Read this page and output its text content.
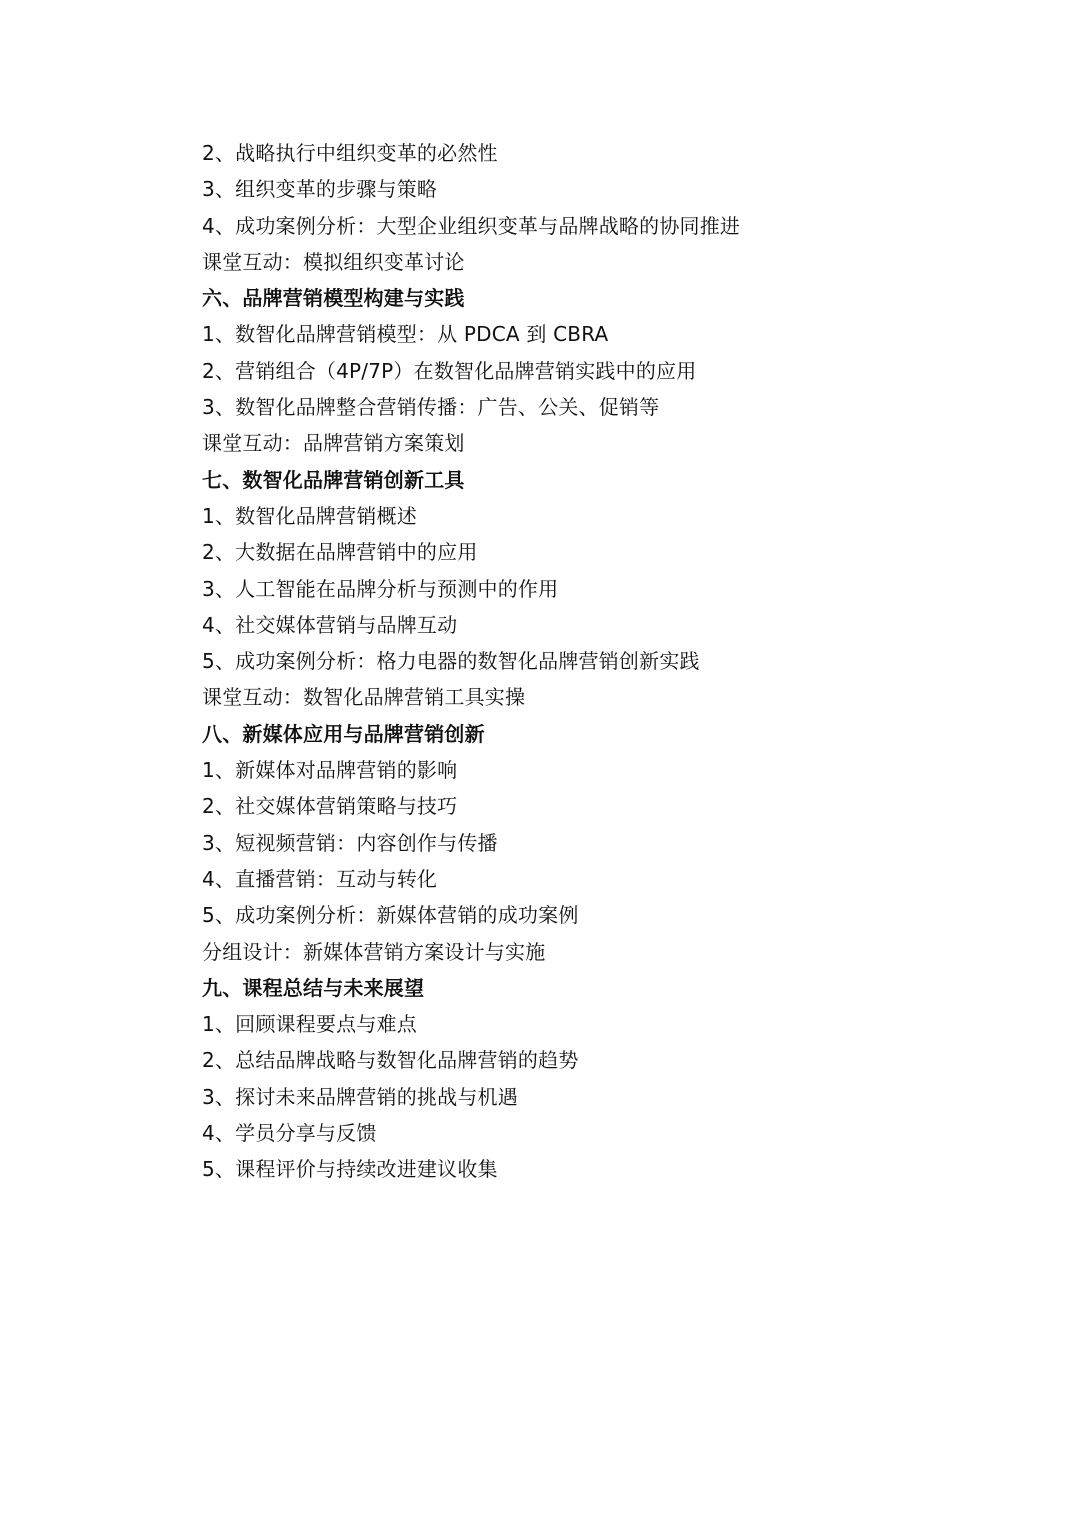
2、战略执行中组织变革的必然性
3、组织变革的步骤与策略
4、成功案例分析：大型企业组织变革与品牌战略的协同推进
课堂互动：模拟组织变革讨论
六、品牌营销模型构建与实践
1、数智化品牌营销模型：从 PDCA 到 CBRA
2、营销组合（4P/7P）在数智化品牌营销实践中的应用
3、数智化品牌整合营销传播：广告、公关、促销等
课堂互动：品牌营销方案策划
七、数智化品牌营销创新工具
1、数智化品牌营销概述
2、大数据在品牌营销中的应用
3、人工智能在品牌分析与预测中的作用
4、社交媒体营销与品牌互动
5、成功案例分析：格力电器的数智化品牌营销创新实践
课堂互动：数智化品牌营销工具实操
八、新媒体应用与品牌营销创新
1、新媒体对品牌营销的影响
2、社交媒体营销策略与技巧
3、短视频营销：内容创作与传播
4、直播营销：互动与转化
5、成功案例分析：新媒体营销的成功案例
分组设计：新媒体营销方案设计与实施
九、课程总结与未来展望
1、回顾课程要点与难点
2、总结品牌战略与数智化品牌营销的趋势
3、探讨未来品牌营销的挑战与机遇
4、学员分享与反馈
5、课程评价与持续改进建议收集
